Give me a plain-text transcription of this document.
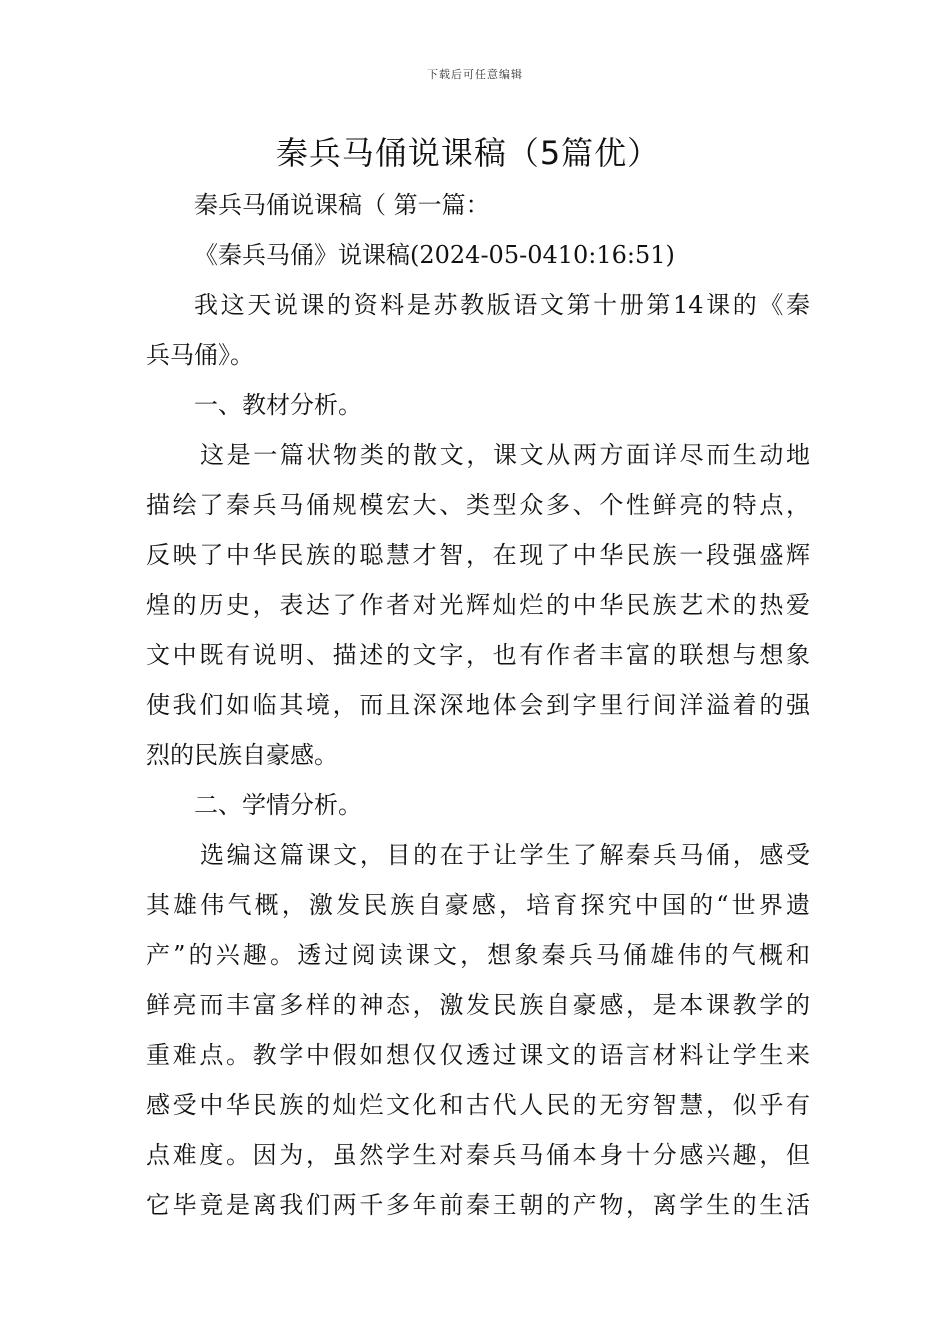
下载后可任意编辑
秦兵马俑说课稿（5篇优）
秦兵马俑说课稿（ 第一篇：
《秦兵马俑》说课稿(2024-05-0410:16:51)
我这天说课的资料是苏教版语文第十册第14课的《秦
兵马俑》。
一、教材分析。
这是一篇状物类的散文，课文从两方面详尽而生动地
描绘了秦兵马俑规模宏大、类型众多、个性鲜亮的特点，
反映了中华民族的聪慧才智，在现了中华民族一段强盛辉
煌的历史，表达了作者对光辉灿烂的中华民族艺术的热爱
文中既有说明、描述的文字，也有作者丰富的联想与想象
使我们如临其境，而且深深地体会到字里行间洋溢着的强
烈的民族自豪感。
二、学情分析。
选编这篇课文，目的在于让学生了解秦兵马俑，感受
其雄伟气概，激发民族自豪感，培育探究中国的“世界遗
产”的兴趣。透过阅读课文，想象秦兵马俑雄伟的气概和
鲜亮而丰富多样的神态，激发民族自豪感，是本课教学的
重难点。教学中假如想仅仅透过课文的语言材料让学生来
感受中华民族的灿烂文化和古代人民的无穷智慧，似乎有
点难度。因为，虽然学生对秦兵马俑本身十分感兴趣，但
它毕竟是离我们两千多年前秦王朝的产物，离学生的生活
